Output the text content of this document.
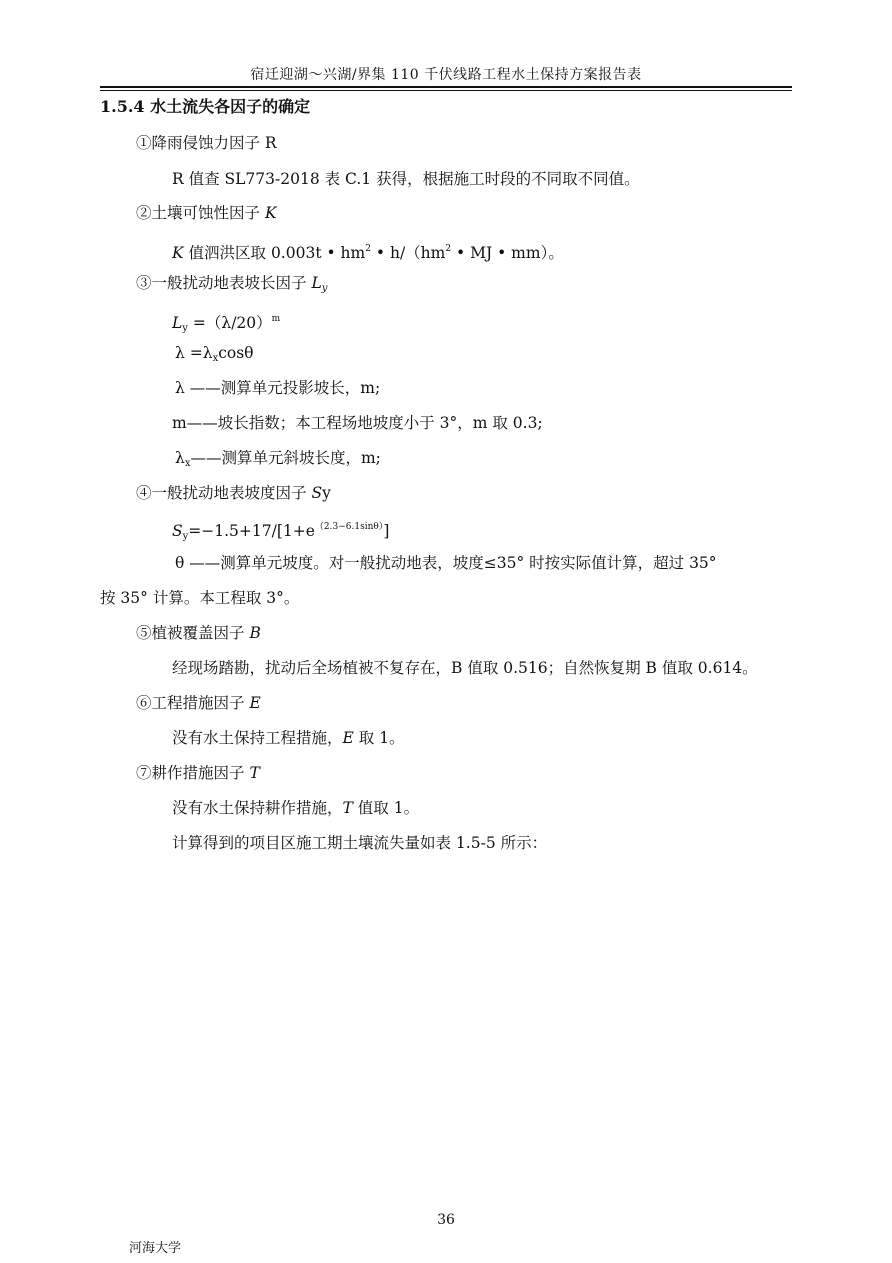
宿迁迎湖～兴湖/界集 110 千伏线路工程水土保持方案报告表
1.5.4 水土流失各因子的确定
①降雨侵蚀力因子 R
R 值查 SL773-2018 表 C.1 获得，根据施工时段的不同取不同值。
②土壤可蚀性因子 K
K 值泗洪区取 0.003t • $hm^2$ • $h/(hm^2$ • MJ • mm）。
③一般扰动地表坡长因子 $L_y$
$L_y =(\lambda/20)^m$
$\lambda =\lambda_x\cos\theta$
λ ——测算单元投影坡长，m;
m——坡长指数；本工程场地坡度小于 3°，m 取 0.3;
$\lambda_x——$测算单元斜坡长度，m;
④一般扰动地表坡度因子 Sy
$S_y=-1.5+17/[1+e^{(2.3-6.1sin\theta)}]$
θ ——测算单元坡度。对一般扰动地表，坡度≤35° 时按实际值计算，超过 35°
按 35° 计算。本工程取 3°。
⑤植被覆盖因子 B
经现场踏勘，扰动后全场植被不复存在，B 值取 0.516；自然恢复期 B 值取 0.614。
⑥工程措施因子 E
没有水土保持工程措施，E 取 1。
⑦耕作措施因子 T
没有水土保持耕作措施，T 值取 1。
计算得到的项目区施工期土壤流失量如表 1.5-5 所示：
36
河海大学
